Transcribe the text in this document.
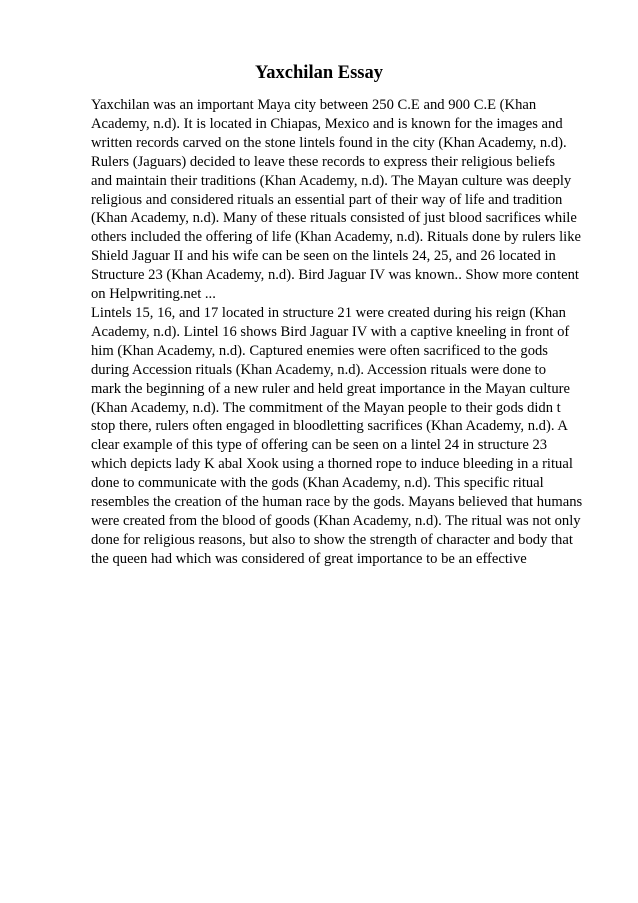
Yaxchilan Essay
Yaxchilan was an important Maya city between 250 C.E and 900 C.E (Khan
Academy, n.d). It is located in Chiapas, Mexico and is known for the images and
written records carved on the stone lintels found in the city (Khan Academy, n.d).
Rulers (Jaguars) decided to leave these records to express their religious beliefs
and maintain their traditions (Khan Academy, n.d). The Mayan culture was deeply
religious and considered rituals an essential part of their way of life and tradition
(Khan Academy, n.d). Many of these rituals consisted of just blood sacrifices while
others included the offering of life (Khan Academy, n.d). Rituals done by rulers like
Shield Jaguar II and his wife can be seen on the lintels 24, 25, and 26 located in
Structure 23 (Khan Academy, n.d). Bird Jaguar IV was known.. Show more content
on Helpwriting.net ...
Lintels 15, 16, and 17 located in structure 21 were created during his reign (Khan
Academy, n.d). Lintel 16 shows Bird Jaguar IV with a captive kneeling in front of
him (Khan Academy, n.d). Captured enemies were often sacrificed to the gods
during Accession rituals (Khan Academy, n.d). Accession rituals were done to
mark the beginning of a new ruler and held great importance in the Mayan culture
(Khan Academy, n.d). The commitment of the Mayan people to their gods didn t
stop there, rulers often engaged in bloodletting sacrifices (Khan Academy, n.d). A
clear example of this type of offering can be seen on a lintel 24 in structure 23
which depicts lady K abal Xook using a thorned rope to induce bleeding in a ritual
done to communicate with the gods (Khan Academy, n.d). This specific ritual
resembles the creation of the human race by the gods. Mayans believed that humans
were created from the blood of goods (Khan Academy, n.d). The ritual was not only
done for religious reasons, but also to show the strength of character and body that
the queen had which was considered of great importance to be an effective
